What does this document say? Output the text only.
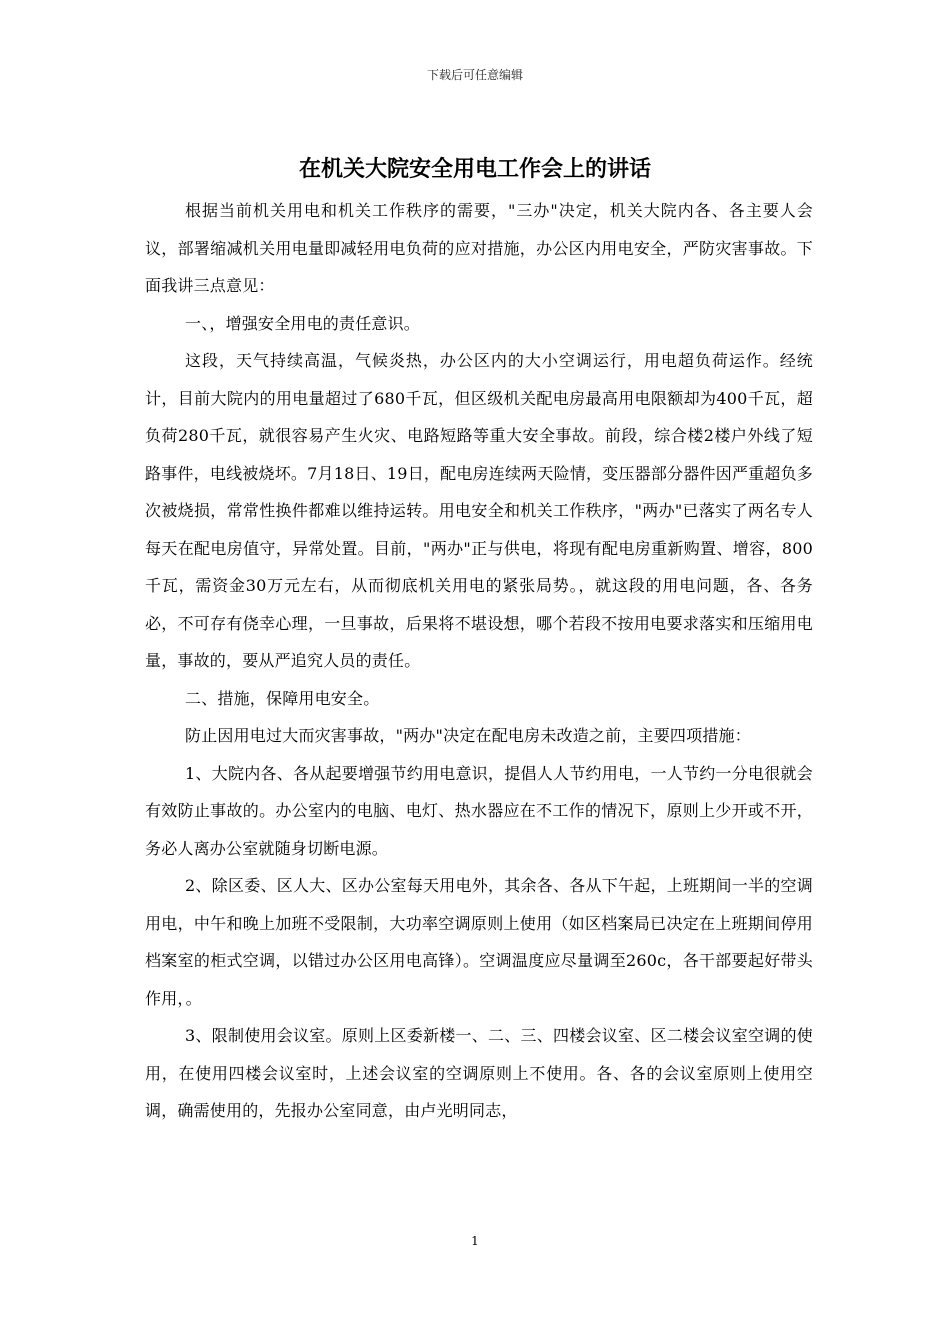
下载后可任意编辑
在机关大院安全用电工作会上的讲话

根据当前机关用电和机关工作秩序的需要，"三办"决定，机关大院内各、各主要人会议，部署缩减机关用电量即减轻用电负荷的应对措施，办公区内用电安全，严防灾害事故。下面我讲三点意见：

一、，增强安全用电的责任意识。

这段，天气持续高温，气候炎热，办公区内的大小空调运行，用电超负荷运作。经统计，目前大院内的用电量超过了680千瓦，但区级机关配电房最高用电限额却为400千瓦，超负荷280千瓦，就很容易产生火灾、电路短路等重大安全事故。前段，综合楼2楼户外线了短路事件，电线被烧坏。7月18日、19日，配电房连续两天险情，变压器部分器件因严重超负多次被烧损，常常性换件都难以维持运转。用电安全和机关工作秩序，"两办"已落实了两名专人每天在配电房值守，异常处置。目前，"两办"正与供电，将现有配电房重新购置、增容，800千瓦，需资金30万元左右，从而彻底机关用电的紧张局势。，就这段的用电问题，各、各务必，不可存有侥幸心理，一旦事故，后果将不堪设想，哪个若段不按用电要求落实和压缩用电量，事故的，要从严追究人员的责任。

二、措施，保障用电安全。

防止因用电过大而灾害事故，"两办"决定在配电房未改造之前，主要四项措施：

1、大院内各、各从起要增强节约用电意识，提倡人人节约用电，一人节约一分电很就会有效防止事故的。办公室内的电脑、电灯、热水器应在不工作的情况下，原则上少开或不开，务必人离办公室就随身切断电源。

2、除区委、区人大、区办公室每天用电外，其余各、各从下午起，上班期间一半的空调用电，中午和晚上加班不受限制，大功率空调原则上使用（如区档案局已决定在上班期间停用档案室的柜式空调，以错过办公区用电高锋）。空调温度应尽量调至260c，各干部要起好带头作用，。

3、限制使用会议室。原则上区委新楼一、二、三、四楼会议室、区二楼会议室空调的使用，在使用四楼会议室时，上述会议室的空调原则上不使用。各、各的会议室原则上使用空调，确需使用的，先报办公室同意，由卢光明同志，

1
